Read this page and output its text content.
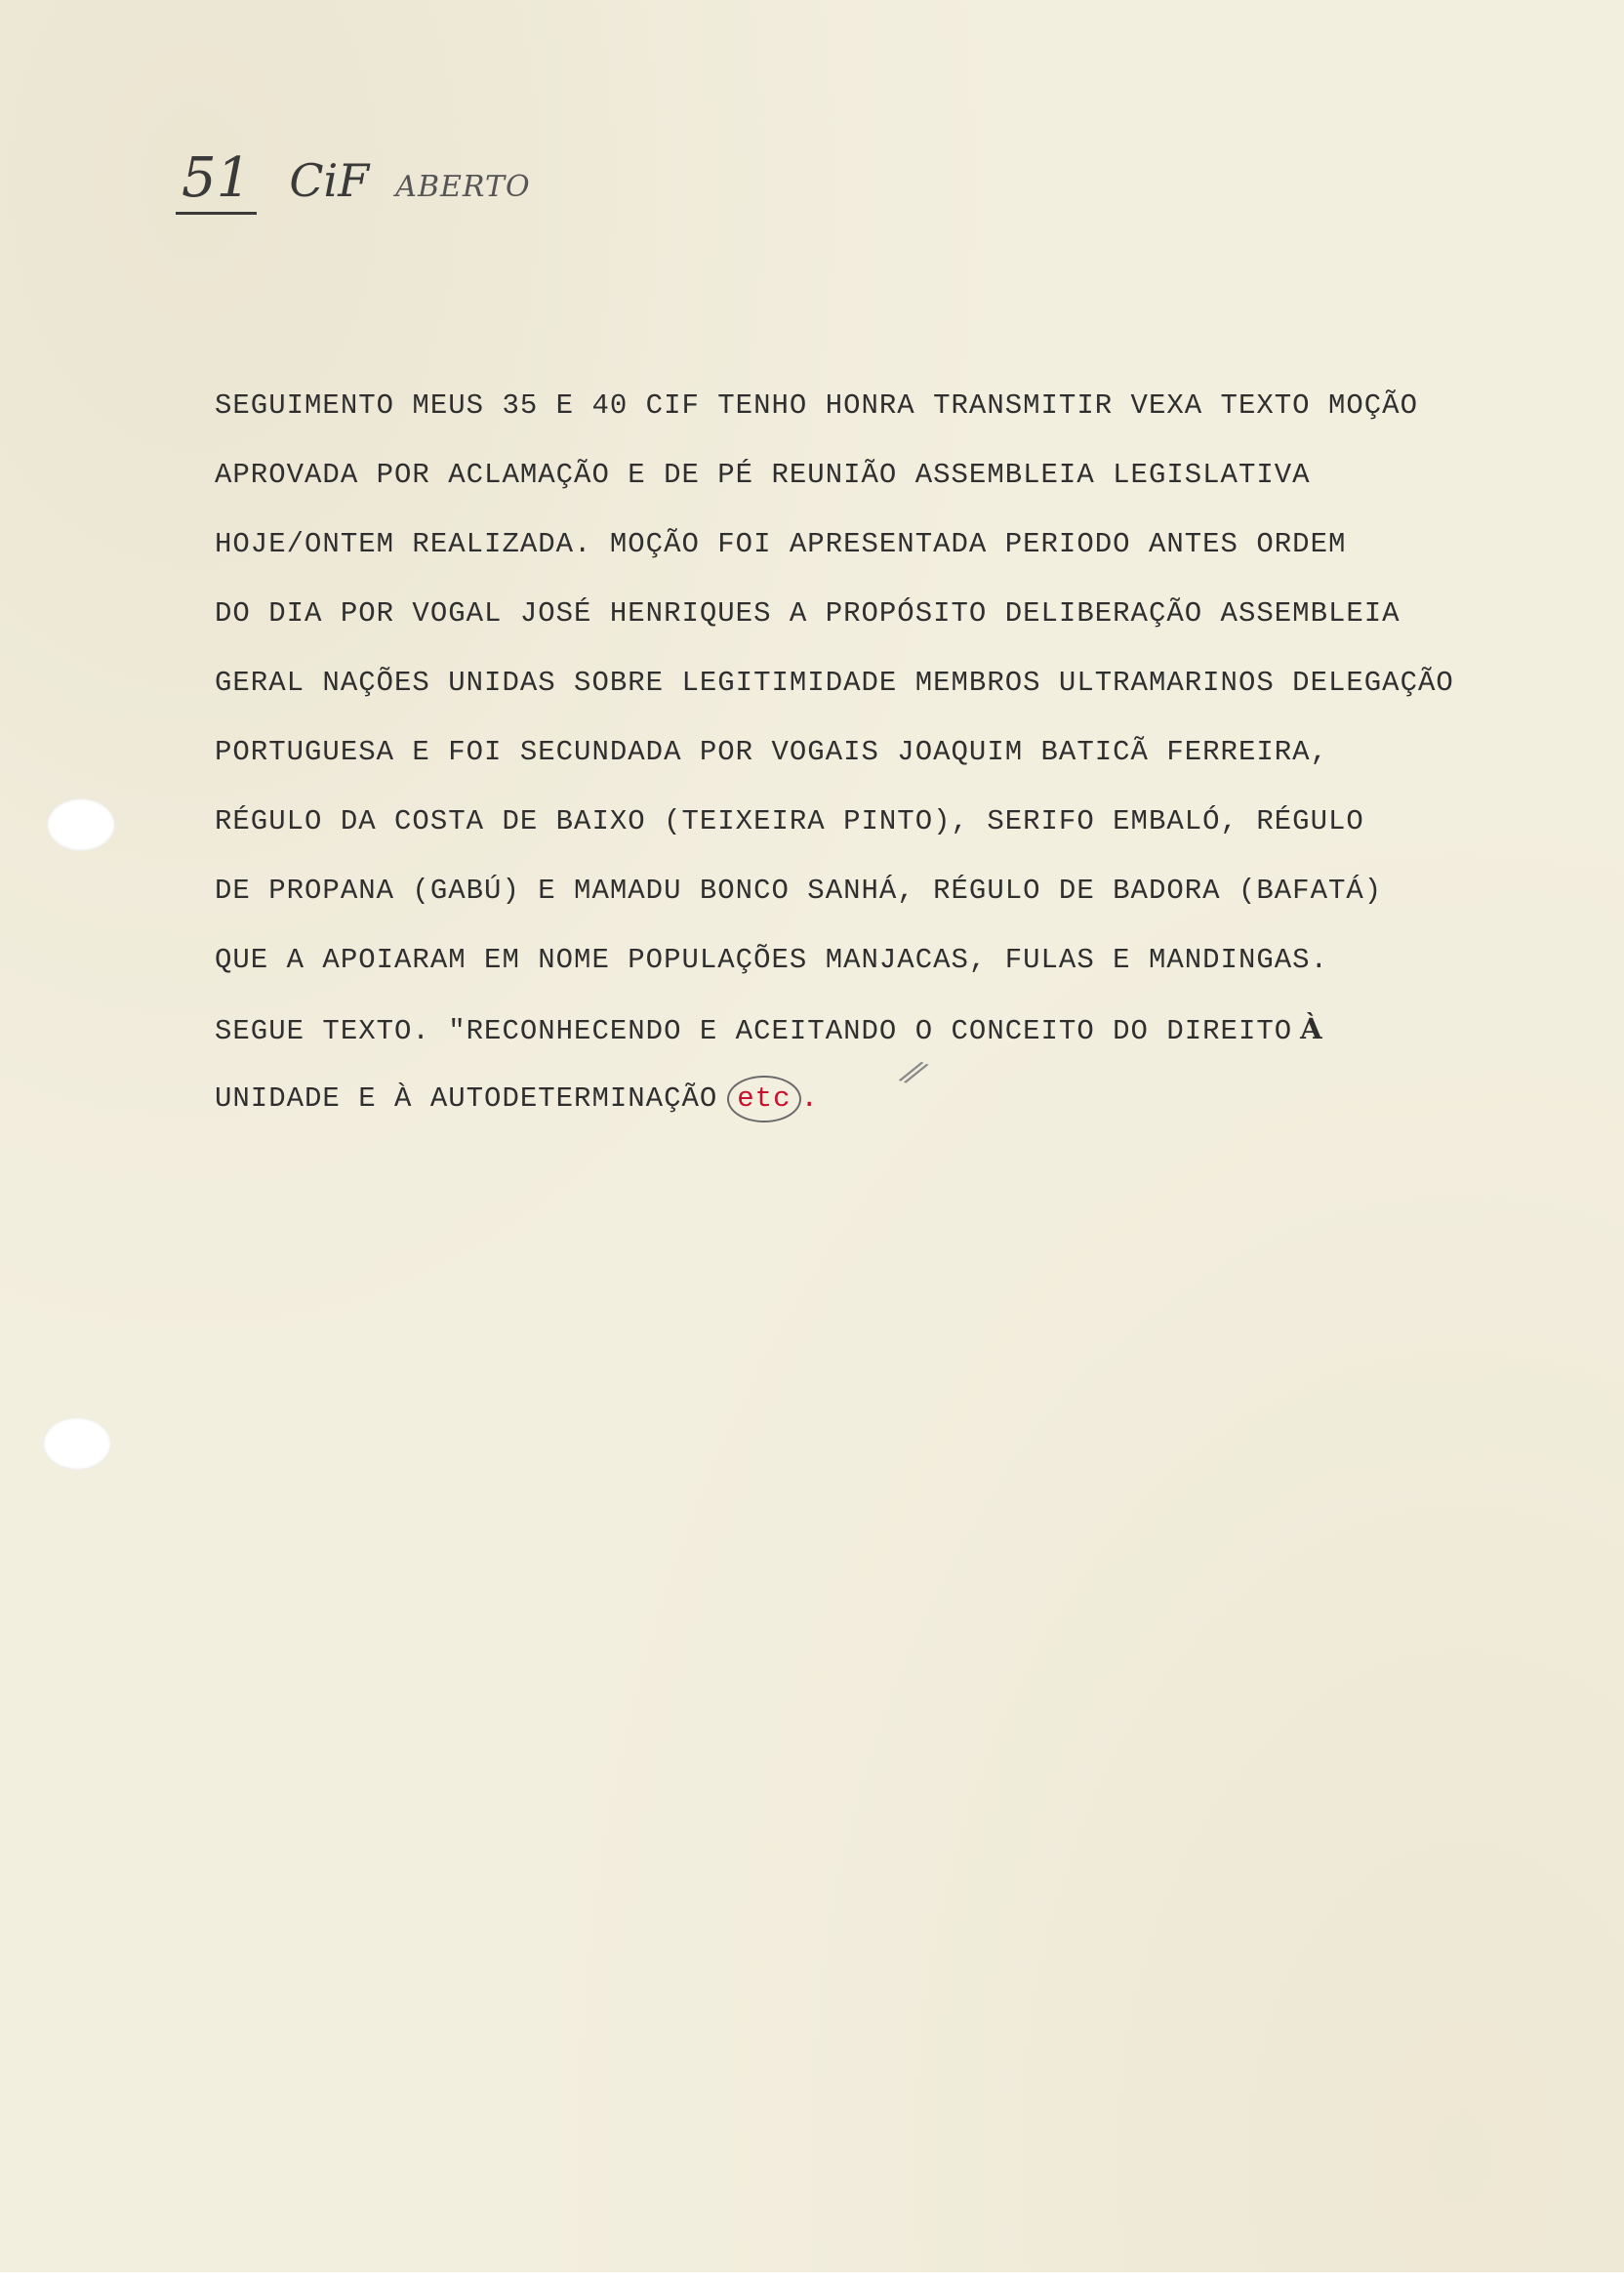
51 CiF ABERTO
SEGUIMENTO MEUS 35 E 40 CIF TENHO HONRA TRANSMITIR VEXA TEXTO MOÇÃO
APROVADA POR ACLAMAÇÃO E DE PÉ REUNIÃO ASSEMBLEIA LEGISLATIVA
HOJE/ONTEM REALIZADA. MOÇÃO FOI APRESENTADA PERIODO ANTES ORDEM
DO DIA POR VOGAL JOSÉ HENRIQUES A PROPÓSITO DELIBERAÇÃO ASSEMBLEIA
GERAL NAÇÕES UNIDAS SOBRE LEGITIMIDADE MEMBROS ULTRAMARINOS DELEGAÇÃO
PORTUGUESA E FOI SECUNDADA POR VOGAIS JOAQUIM BATICÃ FERREIRA,
RÉGULO DA COSTA DE BAIXO (TEIXEIRA PINTO), SERIFO EMBALÓ, RÉGULO
DE PROPANA (GABÚ) E MAMADU BONCO SANHÁ, RÉGULO DE BADORA (BAFATÁ)
QUE A APOIARAM EM NOME POPULAÇÕES MANJACAS, FULAS E MANDINGAS.
SEGUE TEXTO. "RECONHECENDO E ACEITANDO O CONCEITO DO DIREITO À
UNIDADE E À AUTODETERMINAÇÃO etc .
⁄⁄
